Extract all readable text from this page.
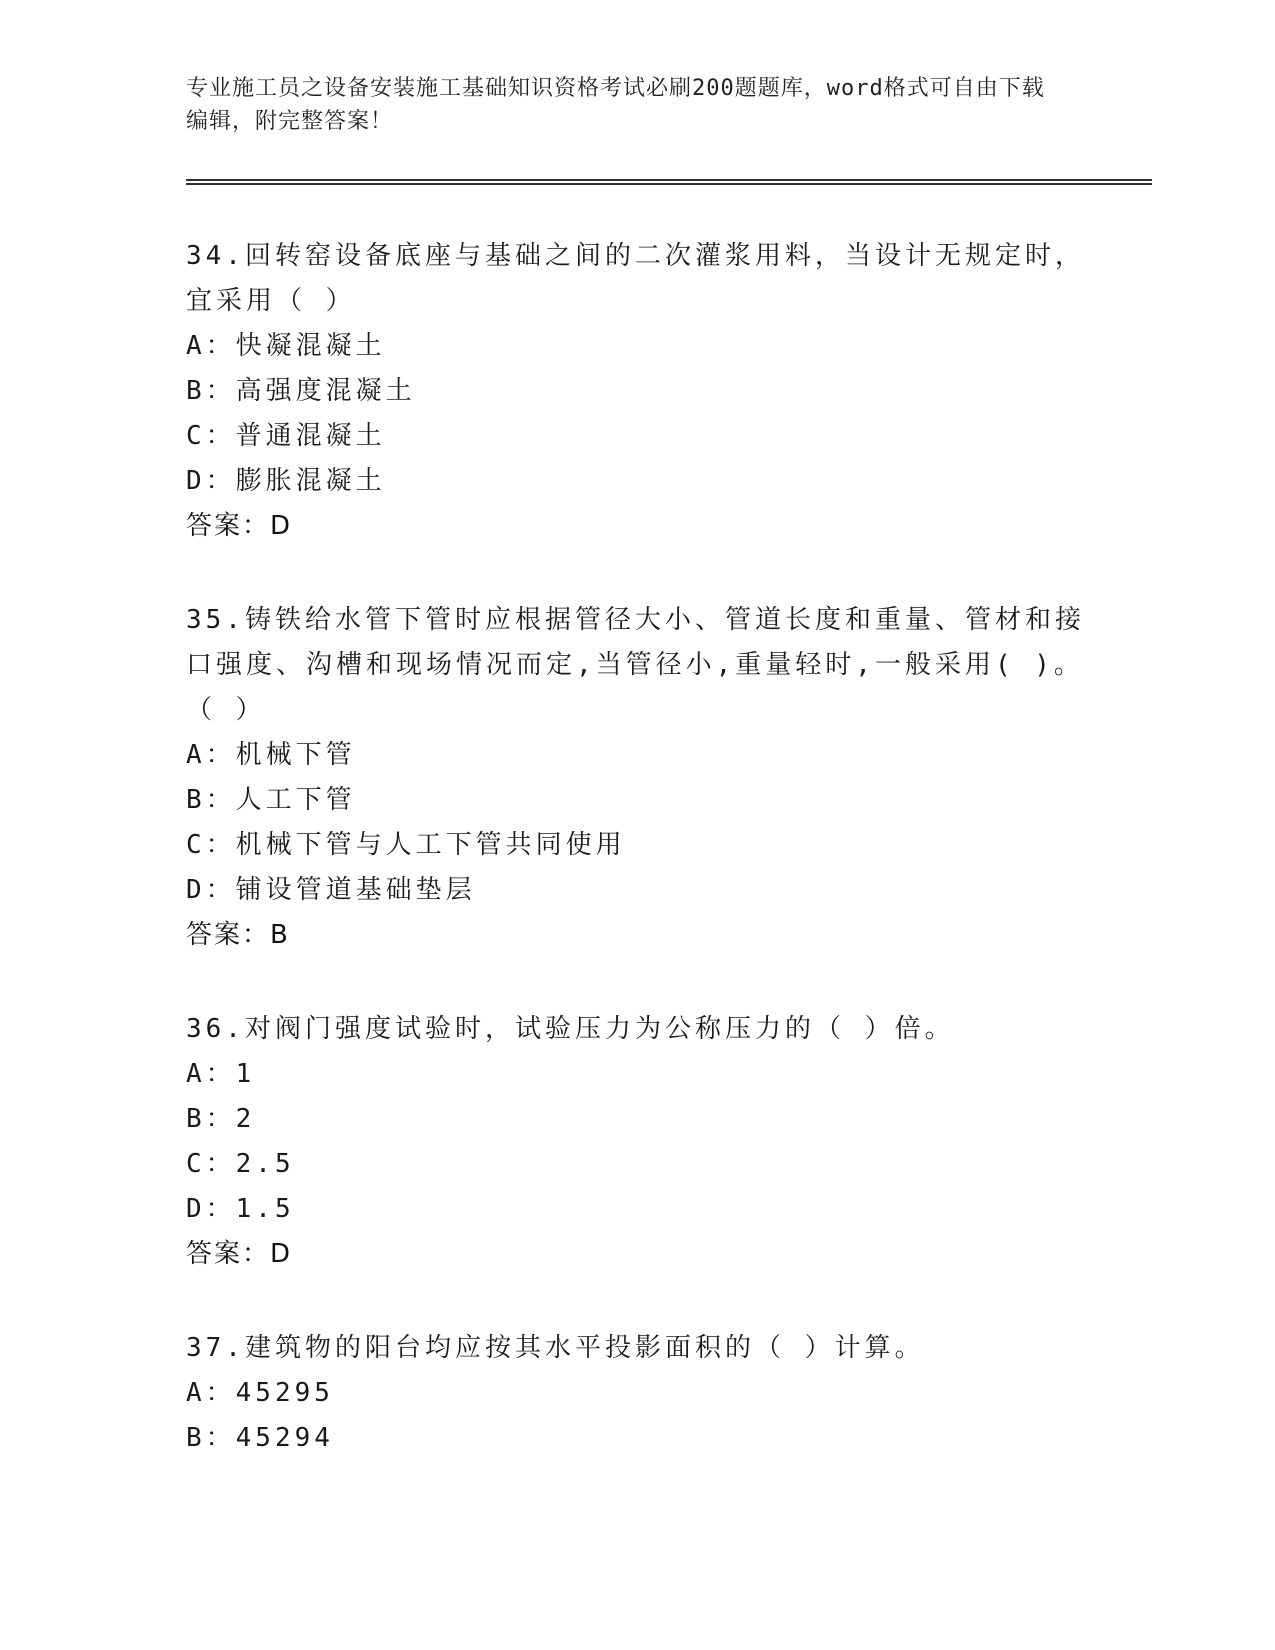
专业施工员之设备安装施工基础知识资格考试必刷200题题库，word格式可自由下载编辑，附完整答案！

34.回转窑设备底座与基础之间的二次灌浆用料，当设计无规定时，宜采用（ ）

A：快凝混凝土

B：高强度混凝土

C：普通混凝土

D：膨胀混凝土

答案：D

35.铸铁给水管下管时应根据管径大小、管道长度和重量、管材和接口强度、沟槽和现场情况而定,当管径小,重量轻时,一般采用( )。（ ）

A：机械下管

B：人工下管

C：机械下管与人工下管共同使用

D：铺设管道基础垫层

答案：B

36.对阀门强度试验时，试验压力为公称压力的（ ）倍。

A：1

B：2

C：2.5

D：1.5

答案：D

37.建筑物的阳台均应按其水平投影面积的（ ）计算。

A：45295

B：45294
